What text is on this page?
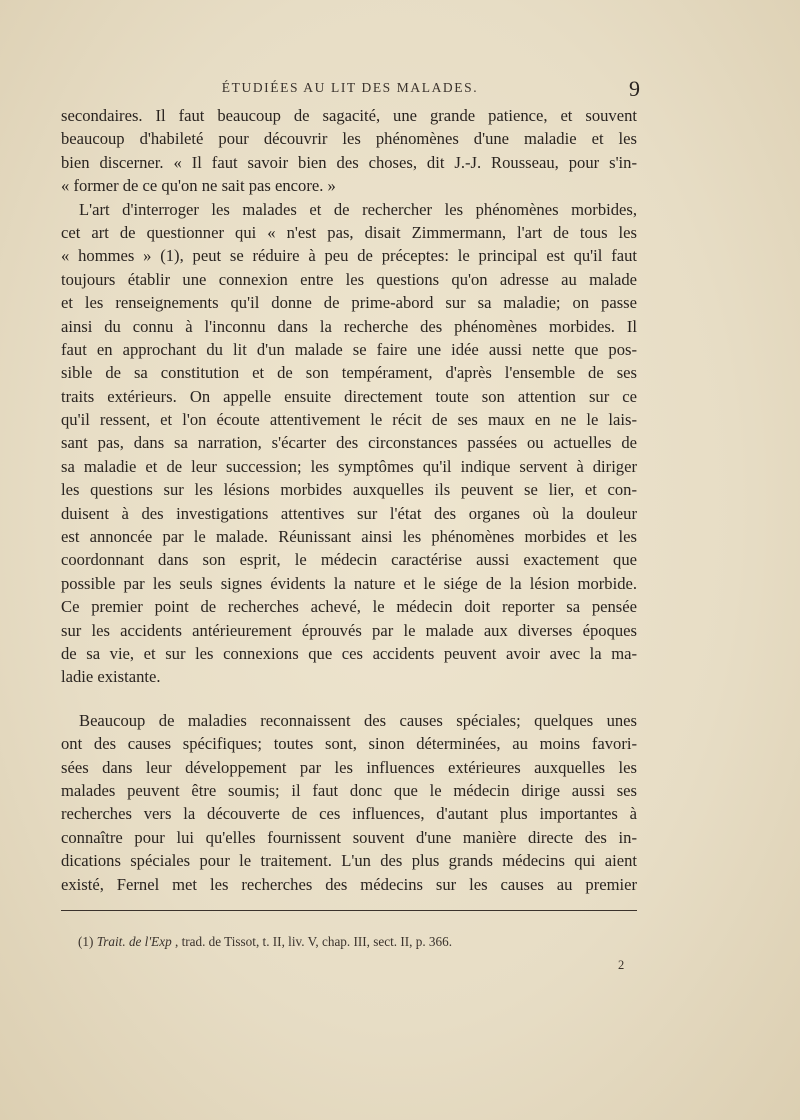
ÉTUDIÉES AU LIT DES MALADES.	9
secondaires. Il faut beaucoup de sagacité, une grande patience, et souvent
beaucoup d'habileté pour découvrir les phénomènes d'une maladie et les
bien discerner. « Il faut savoir bien des choses, dit J.-J. Rousseau, pour s'in-
« former de ce qu'on ne sait pas encore. »
L'art d'interroger les malades et de rechercher les phénomènes morbides,
cet art de questionner qui « n'est pas, disait Zimmermann, l'art de tous les
« hommes » (1), peut se réduire à peu de préceptes: le principal est qu'il faut
toujours établir une connexion entre les questions qu'on adresse au malade
et les renseignements qu'il donne de prime-abord sur sa maladie; on passe
ainsi du connu à l'inconnu dans la recherche des phénomènes morbides. Il
faut en approchant du lit d'un malade se faire une idée aussi nette que pos-
sible de sa constitution et de son tempérament, d'après l'ensemble de ses
traits extérieurs. On appelle ensuite directement toute son attention sur ce
qu'il ressent, et l'on écoute attentivement le récit de ses maux en ne le lais-
sant pas, dans sa narration, s'écarter des circonstances passées ou actuelles de
sa maladie et de leur succession; les symptômes qu'il indique servent à diriger
les questions sur les lésions morbides auxquelles ils peuvent se lier, et con-
duisent à des investigations attentives sur l'état des organes où la douleur
est annoncée par le malade. Réunissant ainsi les phénomènes morbides et les
coordonnant dans son esprit, le médecin caractérise aussi exactement que
possible par les seuls signes évidents la nature et le siége de la lésion morbide.
Ce premier point de recherches achevé, le médecin doit reporter sa pensée
sur les accidents antérieurement éprouvés par le malade aux diverses époques
de sa vie, et sur les connexions que ces accidents peuvent avoir avec la ma-
ladie existante.
Beaucoup de maladies reconnaissent des causes spéciales; quelques unes
ont des causes spécifiques; toutes sont, sinon déterminées, au moins favori-
sées dans leur développement par les influences extérieures auxquelles les
malades peuvent être soumis; il faut donc que le médecin dirige aussi ses
recherches vers la découverte de ces influences, d'autant plus importantes à
connaître pour lui qu'elles fournissent souvent d'une manière directe des in-
dications spéciales pour le traitement. L'un des plus grands médecins qui aient
existé, Fernel met les recherches des médecins sur les causes au premier
(1) Trait. de l'Exp , trad. de Tissot, t. II, liv. V, chap. III, sect. II, p. 366.
2
